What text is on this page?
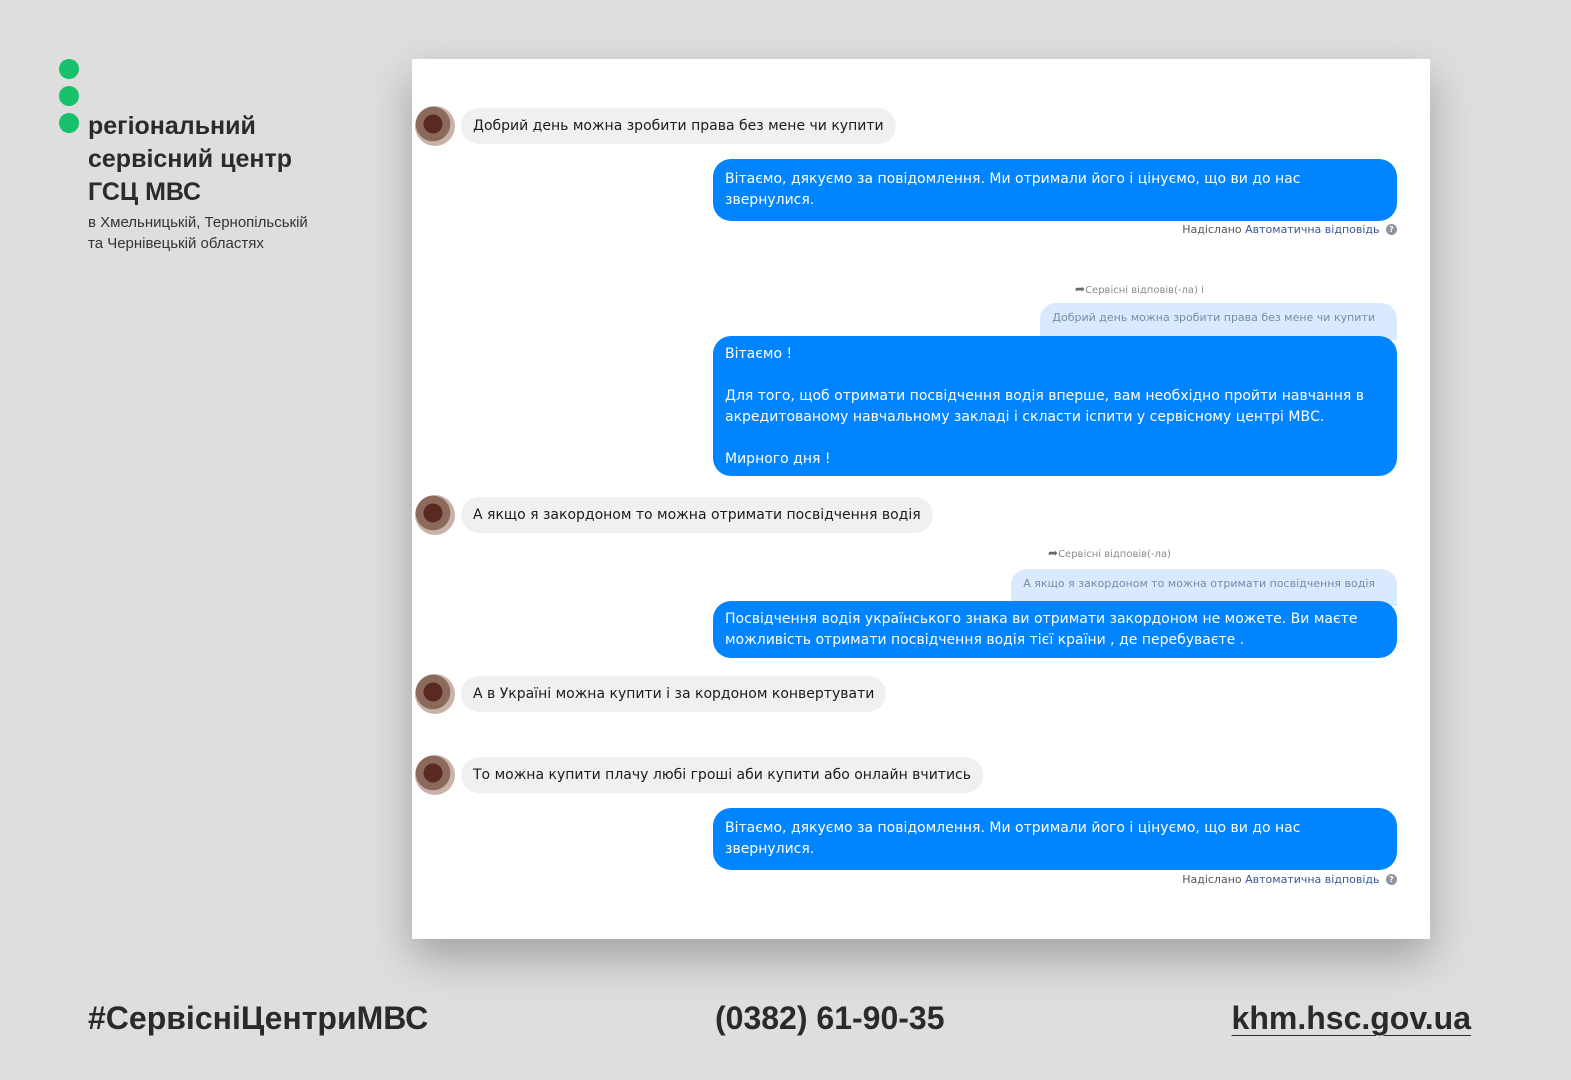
регіональний
сервісний центр
ГСЦ МВС
в Хмельницькій, Тернопільській
та Чернівецькій областях
Добрий день можна зробити права без мене чи купити
Вітаємо, дякуємо за повідомлення. Ми отримали його і цінуємо, що ви до нас
звернулися.
Надіслано Автоматична відповідь ?
➦Сервісні відповів(-ла) і
Добрий день можна зробити права без мене чи купити
Вітаємо !
Для того, щоб отримати посвідчення водія вперше, вам необхідно пройти навчання в
акредитованому навчальному закладі і скласти іспити у сервісному центрі МВС.
Мирного дня !
А якщо я закордоном то можна отримати посвідчення водія
➦Сервісні відповів(-ла)
А якщо я закордоном то можна отримати посвідчення водія
Посвідчення водія українського знака ви отримати закордоном не можете. Ви маєте
можливість отримати посвідчення водія тієї країни , де перебуваєте .
А в Україні можна купити і за кордоном конвертувати
То можна купити плачу любі гроші аби купити або онлайн вчитись
Вітаємо, дякуємо за повідомлення. Ми отримали його і цінуємо, що ви до нас
звернулися.
Надіслано Автоматична відповідь ?
#СервісніЦентриМВС	(0382) 61-90-35	khm.hsc.gov.ua
